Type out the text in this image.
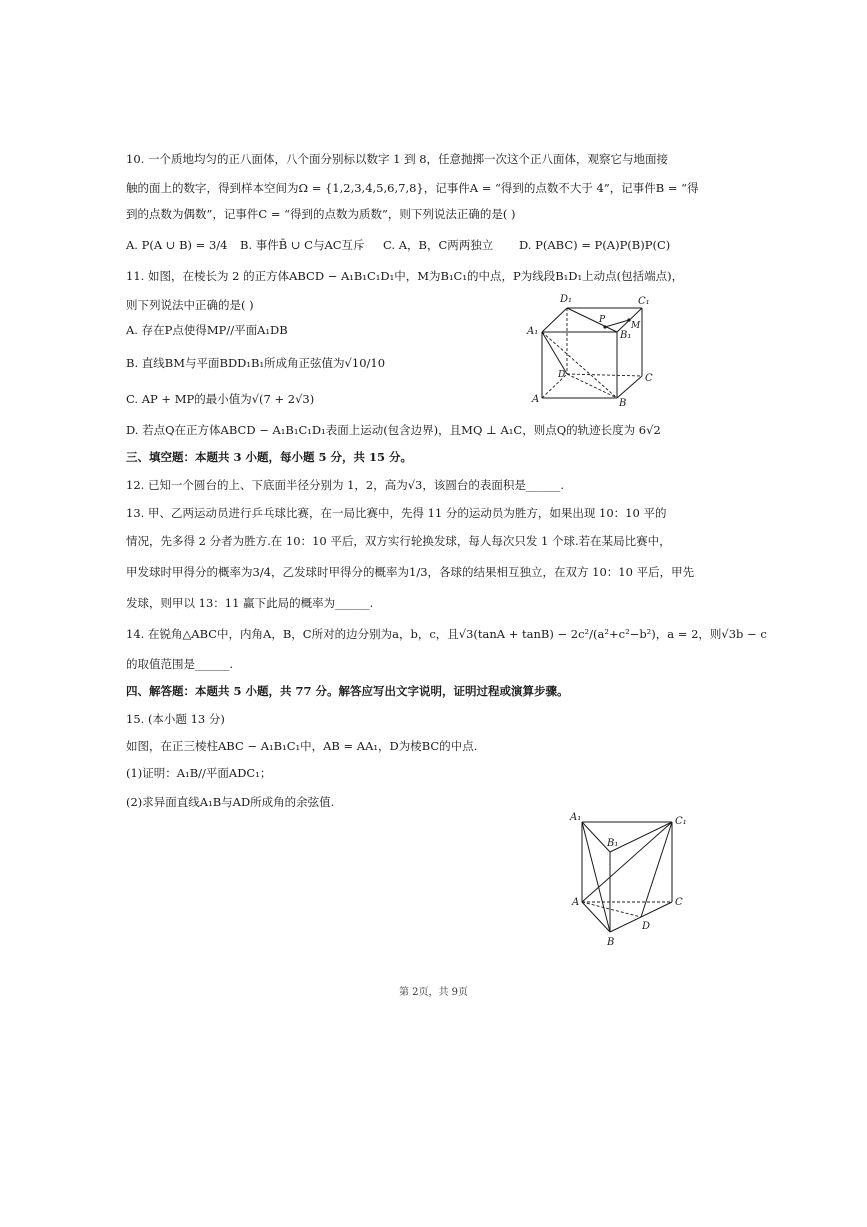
10. 一个质地均匀的正八面体，八个面分别标以数字 1 到 8，任意抛掷一次这个正八面体，观察它与地面接
触的面上的数字，得到样本空间为Ω = {1,2,3,4,5,6,7,8}，记事件A = “得到的点数不大于 4”，记事件B = “得
到的点数为偶数”，记事件C = “得到的点数为质数”，则下列说法正确的是( )
A. P(A ∪ B) = 3/4 B. 事件B̄ ∪ C与AC互斥 C. A，B，C两两独立 D. P(ABC) = P(A)P(B)P(C)
11. 如图，在棱长为 2 的正方体ABCD − A₁B₁C₁D₁中，M为B₁C₁的中点，P为线段B₁D₁上动点(包括端点)，
则下列说法中正确的是( )
A. 存在P点使得MP//平面A₁DB
B. 直线BM与平面BDD₁B₁所成角正弦值为√10/10
C. AP + MP的最小值为√(7 + 2√3)
D. 若点Q在正方体ABCD − A₁B₁C₁D₁表面上运动(包含边界)，且MQ ⊥ A₁C，则点Q的轨迹长度为 6√2
D₁	C₁
P
A₁	B₁
M
D	C
A	B
三、填空题：本题共 3 小题，每小题 5 分，共 15 分。
12. 已知一个圆台的上、下底面半径分别为 1，2，高为√3，该圆台的表面积是______.
13. 甲、乙两运动员进行乒乓球比赛，在一局比赛中，先得 11 分的运动员为胜方，如果出现 10：10 平的
情况，先多得 2 分者为胜方.在 10：10 平后，双方实行轮换发球，每人每次只发 1 个球.若在某局比赛中，
甲发球时甲得分的概率为3/4，乙发球时甲得分的概率为1/3，各球的结果相互独立，在双方 10：10 平后，甲先
发球，则甲以 13：11 赢下此局的概率为______.
14. 在锐角△ABC中，内角A，B，C所对的边分别为a，b，c，且√3(tanA + tanB) − 2c²/(a²+c²−b²)，a = 2，则√3b − c
的取值范围是______.
四、解答题：本题共 5 小题，共 77 分。解答应写出文字说明，证明过程或演算步骤。
15. (本小题 13 分)
如图，在正三棱柱ABC − A₁B₁C₁中，AB = AA₁，D为棱BC的中点.
(1)证明：A₁B//平面ADC₁；
(2)求异面直线A₁B与AD所成角的余弦值.
A₁	C₁
B₁
A	C
D
B
第 2页，共 9页
